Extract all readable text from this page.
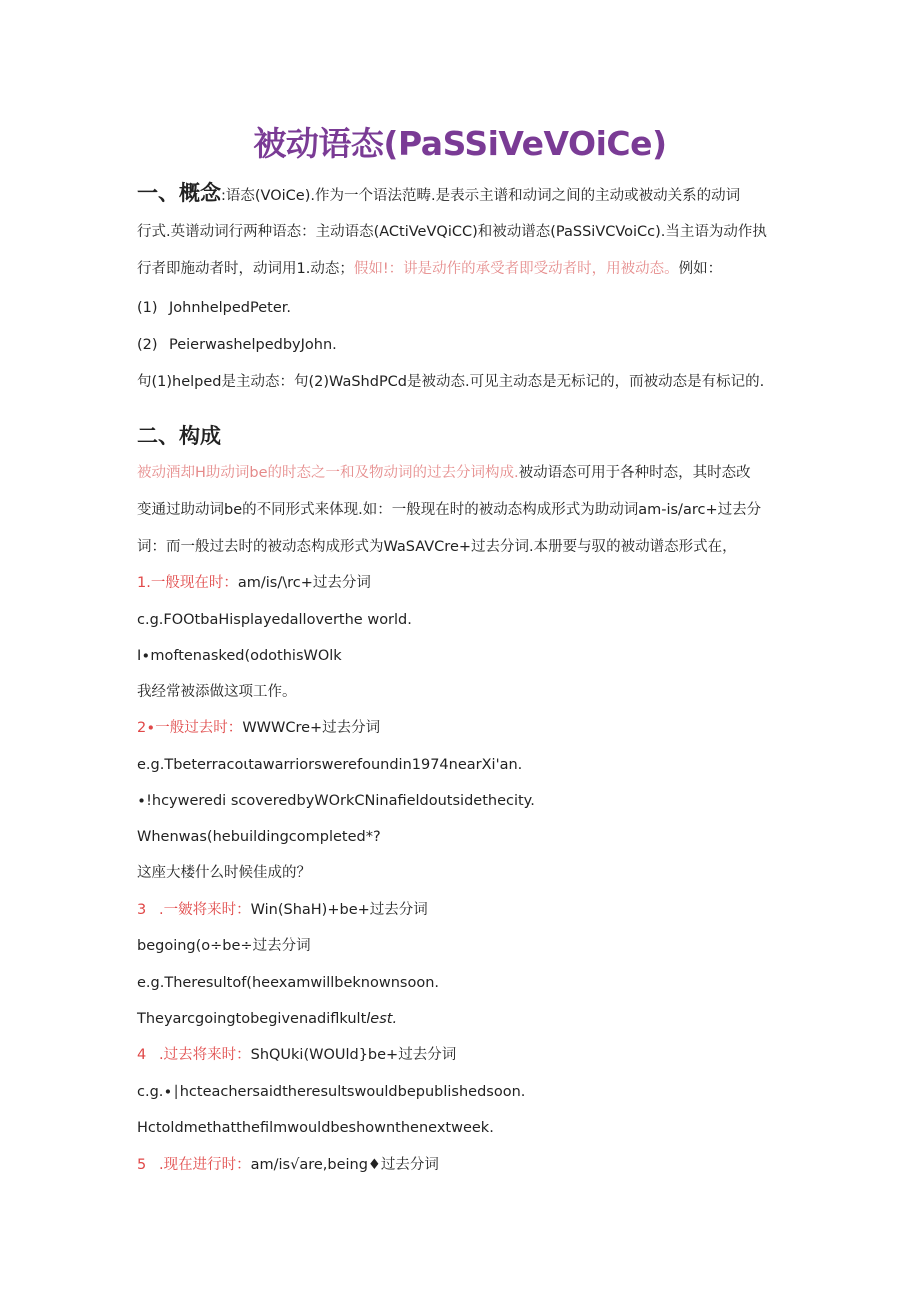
被动语态(PaSSiVeVOiCe)
一、概念:语态(VOiCe).作为一个语法范畴.是表示主谱和动词之间的主动或被动关系的动词
行式.英谱动词行两种语态：主动语态(ACtiVeVQiCC)和被动谱态(PaSSiVCVoiCc).当主语为动作执
行者即施动者时，动词用1.动态；假如!：讲是动作的承受者即受动者时，用被动态。例如：
(1) JohnhelpedPeter.
(2) PeierwashelpedbyJohn.
句(1)helped是主动态：句(2)WaShdPCd是被动态.可见主动态是无标记的，而被动态是有标记的.
二、构成
被动酒却H助动词be的时态之一和及物动词的过去分词构成.被动语态可用于各种时态，其时态改
变通过助动词be的不同形式来体现.如：一般现在时的被动态构成形式为助动词am-is∕arc+过去分
词：而一般过去时的被动态构成形式为WaSAVCre+过去分词.本册要与驭的被动谱态形式在，
1.一般现在时：am∕is∕\rc+过去分词
c.g.FOOtbaHisplayedalloverthe world.
I∙moftenasked(odothisWOlk
我经常被添做这项工作。
2∙一般过去时：WWWCre+过去分词
e.g.Tbeterracoιtawarriorswerefoundin1974nearXi'an.
∙!hcyweredi scoveredbyWOrkCNinafieldoutsidethecity.
Whenwas(hebuildingcompleted*?
这座大楼什么时候佳成的？
3 .一皴将来时：Win(ShaH)+be+过去分词
begoing(o÷be÷过去分词
e.g.Theresultof(heexamwillbeknownsoon.
Theyarcgoingtobegivenadiflkultlest.
4 .过去将来时：ShQUki(WOUld}be+过去分词
c.g.∙∣hcteachersaidtheresultswouldbepublishedsoon.
Hctoldmethatthefilmwouldbeshownthenextweek.
5 .现在进行时：am∕is√are,being♦过去分词
